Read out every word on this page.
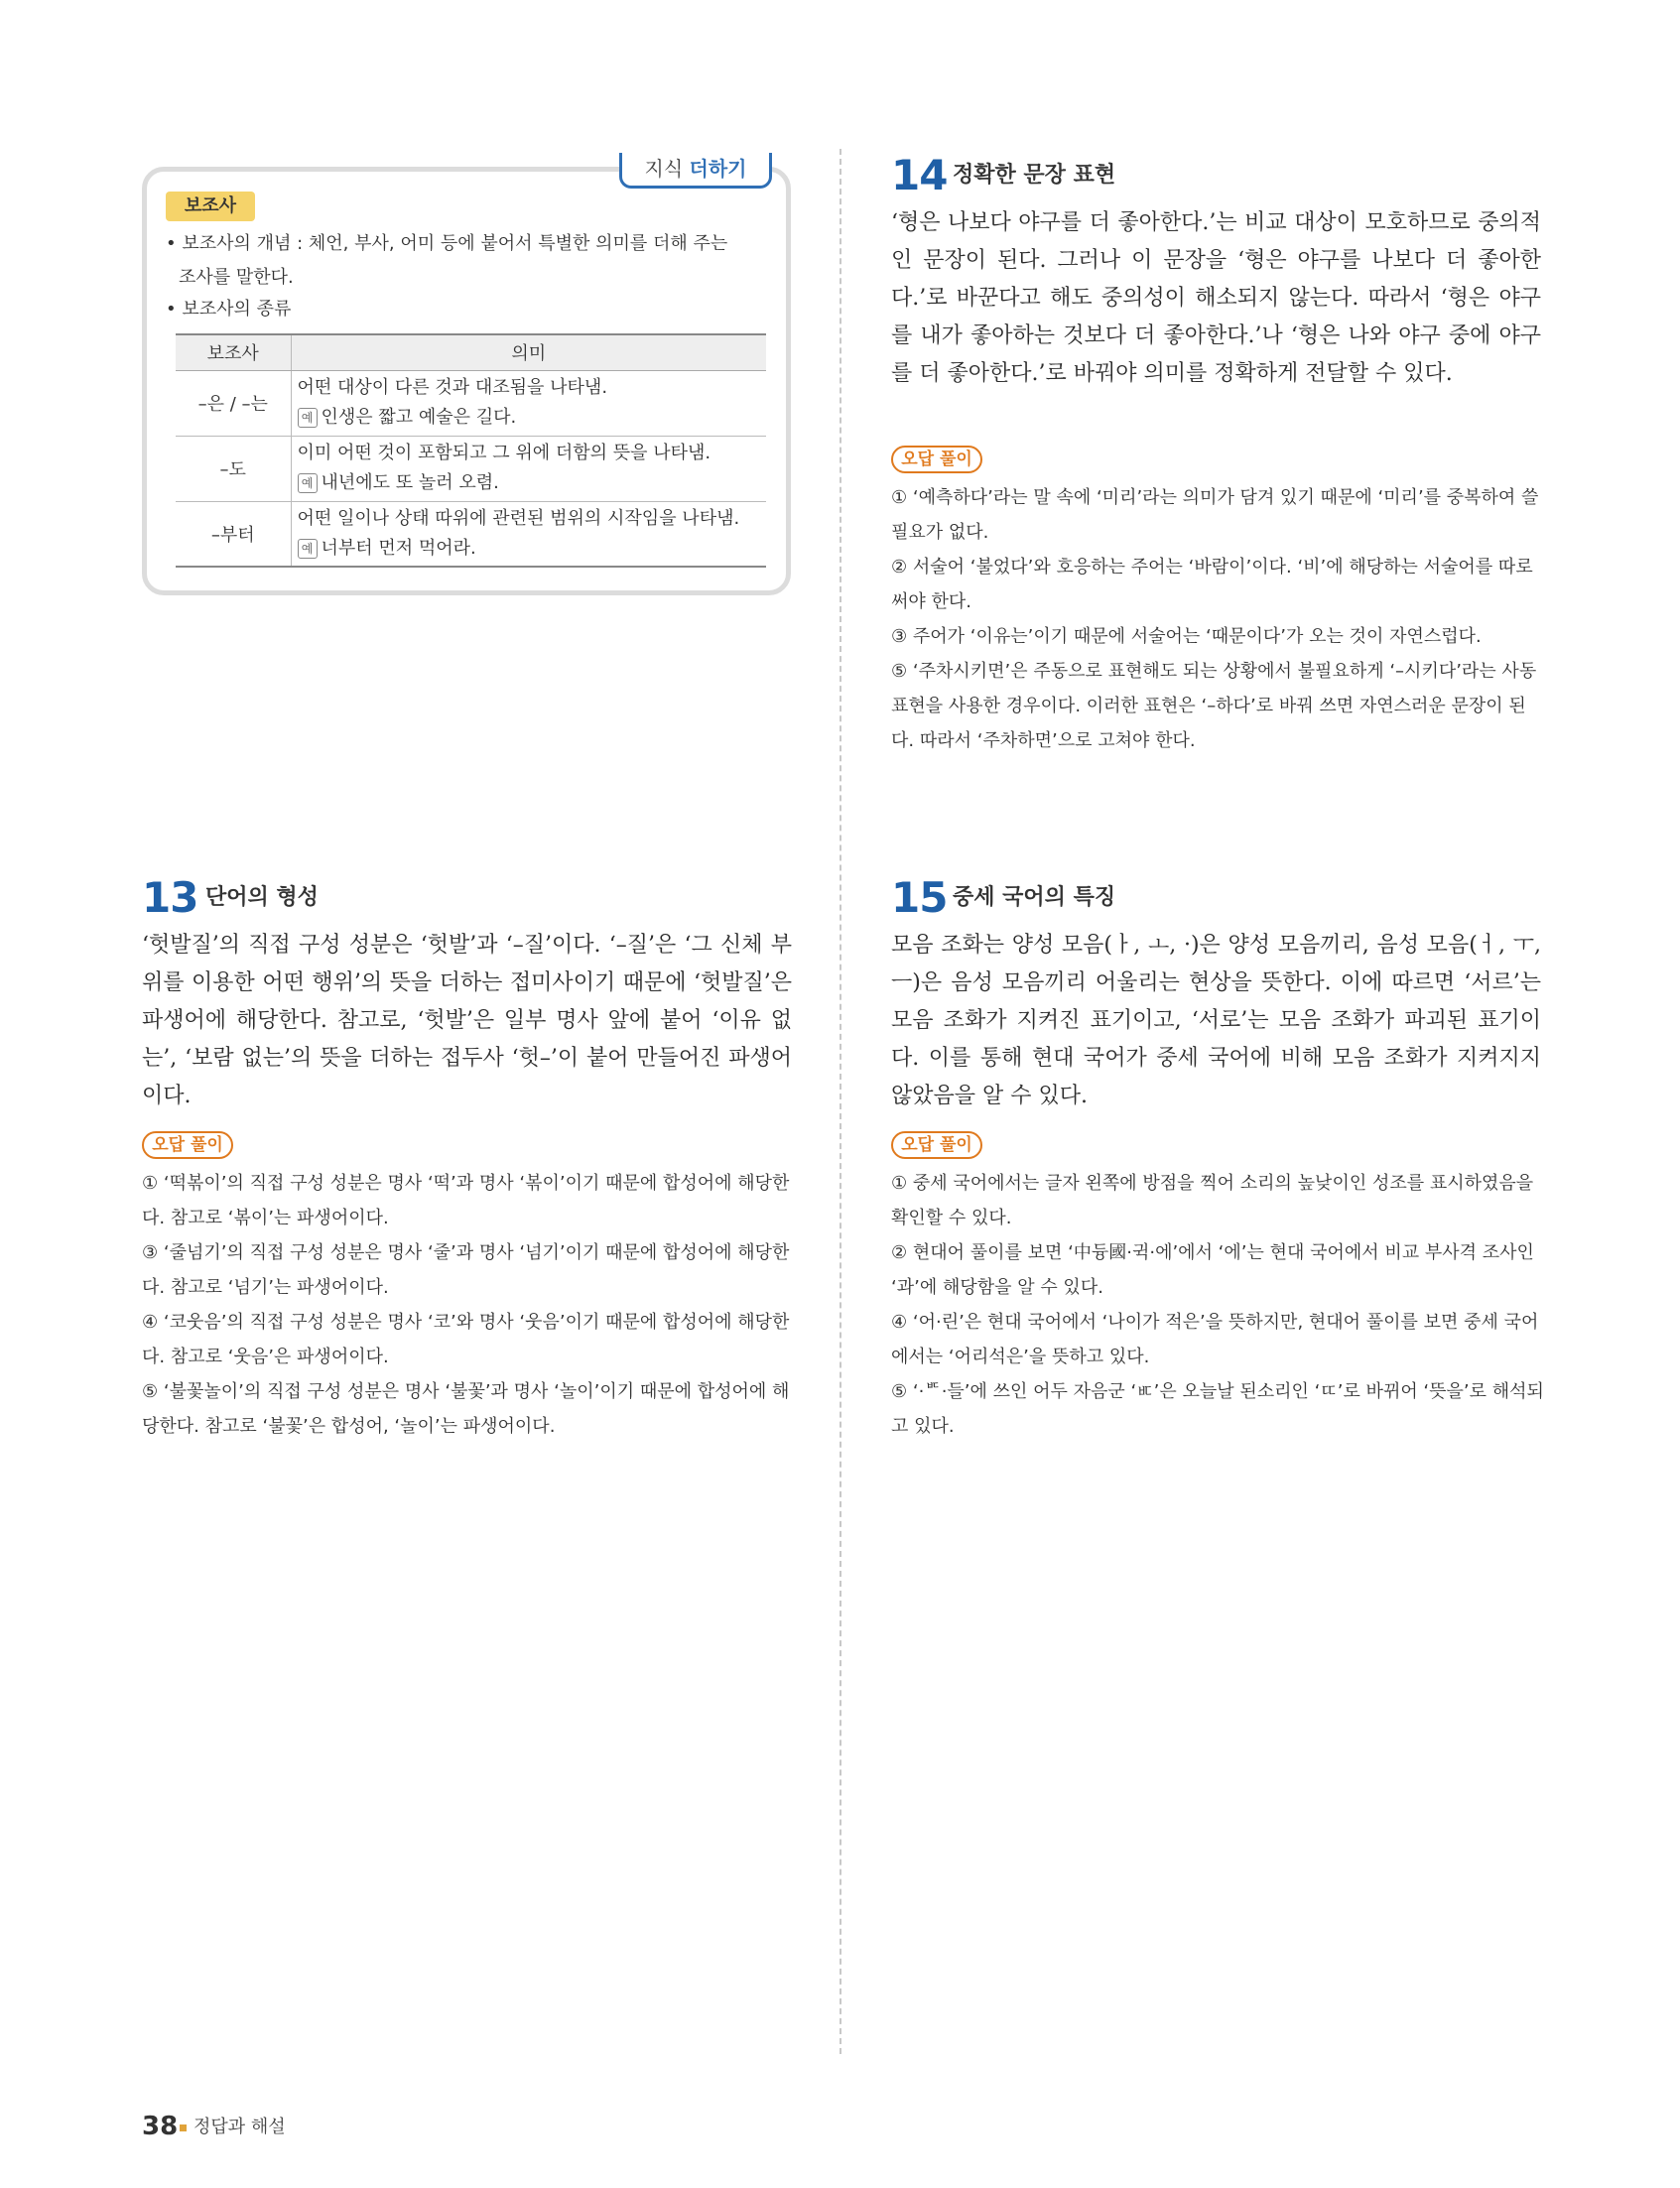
지식 더하기
보조사
• 보조사의 개념 : 체언, 부사, 어미 등에 붙어서 특별한 의미를 더해 주는
조사를 말한다.
• 보조사의 종류
보조사	의미
–은 / –는	어떤 대상이 다른 것과 대조됨을 나타냄.
예 인생은 짧고 예술은 길다.

–도	이미 어떤 것이 포함되고 그 위에 더함의 뜻을 나타냄.
예 내년에도 또 놀러 오렴.

–부터	어떤 일이나 상태 따위에 관련된 범위의 시작임을 나타냄.
예 너부터 먼저 먹어라.
14 정확한 문장 표현
‘형은 나보다 야구를 더 좋아한다.’는 비교 대상이 모호하므로 중의적인 문장이 된다. 그러나 이 문장을 ‘형은 야구를 나보다 더 좋아한다.’로 바꾼다고 해도 중의성이 해소되지 않는다. 따라서 ‘형은 야구를 내가 좋아하는 것보다 더 좋아한다.’나 ‘형은 나와 야구 중에 야구를 더 좋아한다.’로 바꿔야 의미를 정확하게 전달할 수 있다.
오답 풀이
① ‘예측하다’라는 말 속에 ‘미리’라는 의미가 담겨 있기 때문에 ‘미리’를 중복하여 쓸 필요가 없다.
② 서술어 ‘불었다’와 호응하는 주어는 ‘바람이’이다. ‘비’에 해당하는 서술어를 따로 써야 한다.
③ 주어가 ‘이유는’이기 때문에 서술어는 ‘때문이다’가 오는 것이 자연스럽다.
⑤ ‘주차시키면’은 주동으로 표현해도 되는 상황에서 불필요하게 ‘–시키다’라는 사동 표현을 사용한 경우이다. 이러한 표현은 ‘–하다’로 바꿔 쓰면 자연스러운 문장이 된다. 따라서 ‘주차하면’으로 고쳐야 한다.
13 단어의 형성
‘헛발질’의 직접 구성 성분은 ‘헛발’과 ‘–질’이다. ‘–질’은 ‘그 신체 부위를 이용한 어떤 행위’의 뜻을 더하는 접미사이기 때문에 ‘헛발질’은 파생어에 해당한다. 참고로, ‘헛발’은 일부 명사 앞에 붙어 ‘이유 없는’, ‘보람 없는’의 뜻을 더하는 접두사 ‘헛–’이 붙어 만들어진 파생어이다.
오답 풀이
① ‘떡볶이’의 직접 구성 성분은 명사 ‘떡’과 명사 ‘볶이’이기 때문에 합성어에 해당한다. 참고로 ‘볶이’는 파생어이다.
③ ‘줄넘기’의 직접 구성 성분은 명사 ‘줄’과 명사 ‘넘기’이기 때문에 합성어에 해당한다. 참고로 ‘넘기’는 파생어이다.
④ ‘코웃음’의 직접 구성 성분은 명사 ‘코’와 명사 ‘웃음’이기 때문에 합성어에 해당한다. 참고로 ‘웃음’은 파생어이다.
⑤ ‘불꽃놀이’의 직접 구성 성분은 명사 ‘불꽃’과 명사 ‘놀이’이기 때문에 합성어에 해당한다. 참고로 ‘불꽃’은 합성어, ‘놀이’는 파생어이다.
15 중세 국어의 특징
모음 조화는 양성 모음(ㅏ, ㅗ, ·)은 양성 모음끼리, 음성 모음(ㅓ, ㅜ, ㅡ)은 음성 모음끼리 어울리는 현상을 뜻한다. 이에 따르면 ‘서르’는 모음 조화가 지켜진 표기이고, ‘서로’는 모음 조화가 파괴된 표기이다. 이를 통해 현대 국어가 중세 국어에 비해 모음 조화가 지켜지지 않았음을 알 수 있다.
오답 풀이
① 중세 국어에서는 글자 왼쪽에 방점을 찍어 소리의 높낮이인 성조를 표시하였음을 확인할 수 있다.
② 현대어 풀이를 보면 ‘中듕國·귁·에’에서 ‘에’는 현대 국어에서 비교 부사격 조사인 ‘과’에 해당함을 알 수 있다.
④ ‘어·린’은 현대 국어에서 ‘나이가 적은’을 뜻하지만, 현대어 풀이를 보면 중세 국어에서는 ‘어리석은’을 뜻하고 있다.
⑤ ‘·ᄠ·들’에 쓰인 어두 자음군 ‘ㅳ’은 오늘날 된소리인 ‘ㄸ’로 바뀌어 ‘뜻을’로 해석되고 있다.
38 정답과 해설
